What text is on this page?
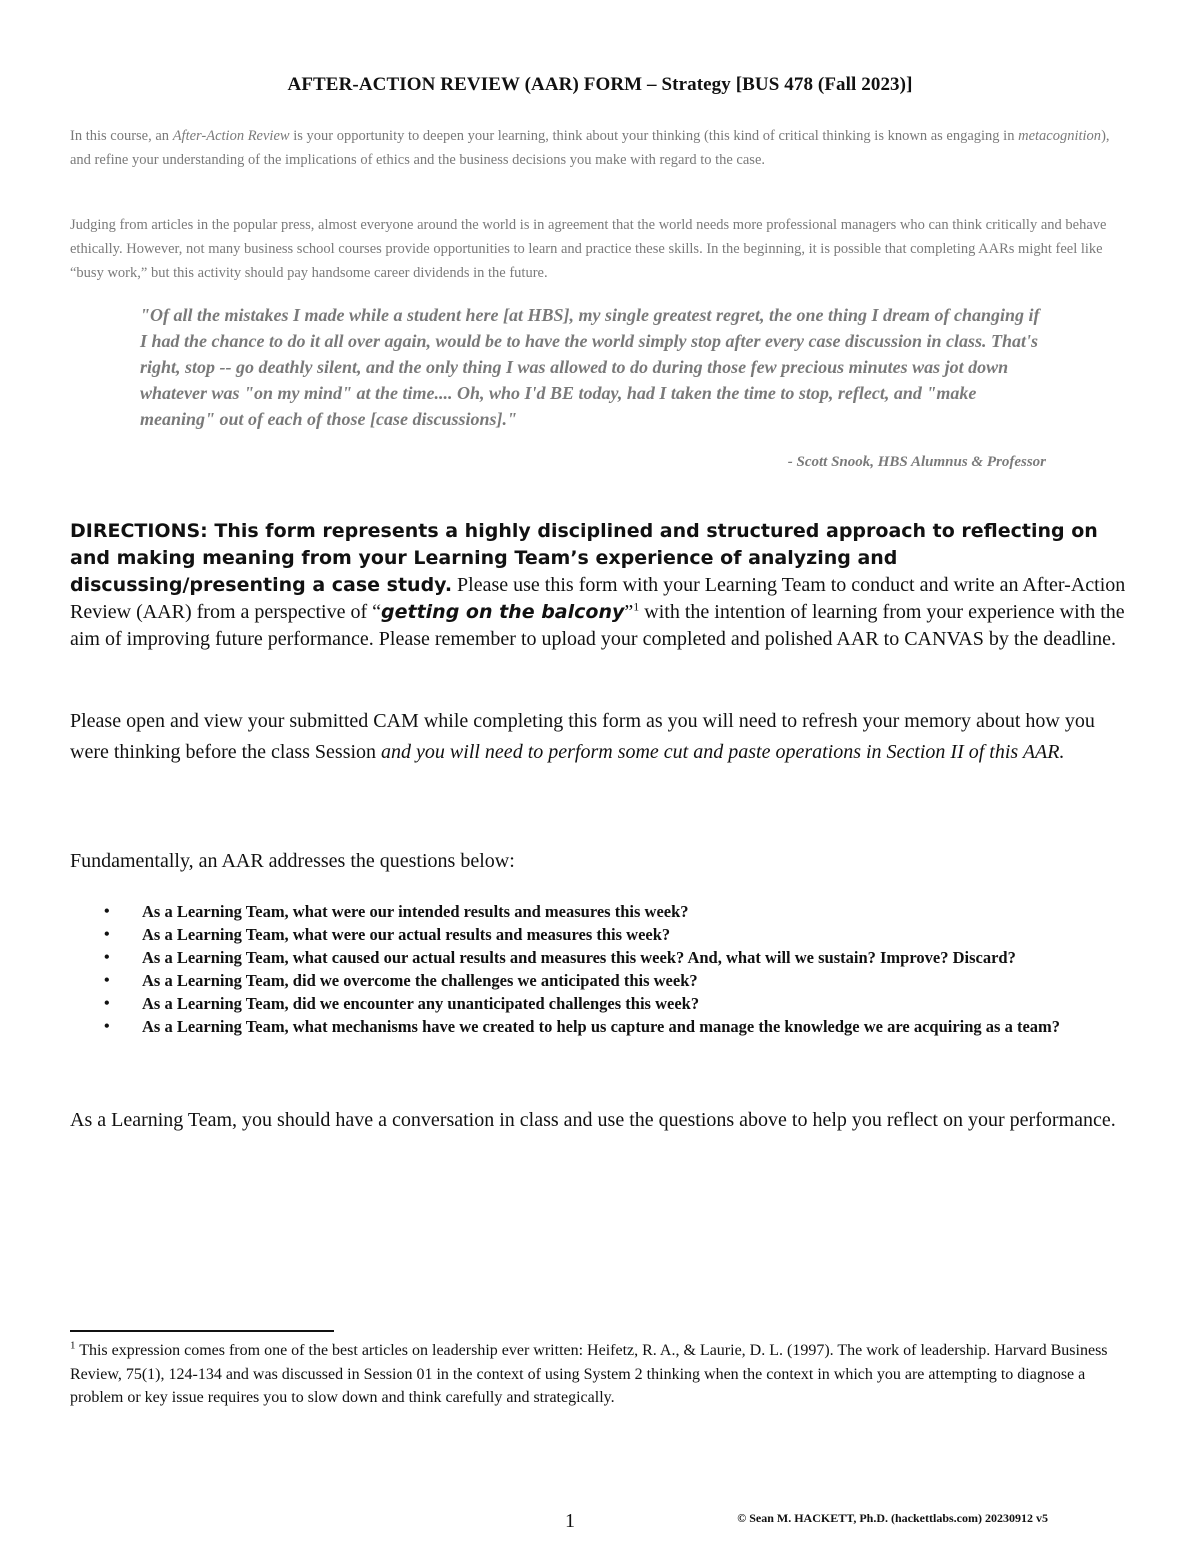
AFTER-ACTION REVIEW (AAR) FORM – Strategy [BUS 478 (Fall 2023)]

In this course, an After-Action Review is your opportunity to deepen your learning, think about your thinking (this kind of critical thinking is known as engaging in metacognition), and refine your understanding of the implications of ethics and the business decisions you make with regard to the case.

Judging from articles in the popular press, almost everyone around the world is in agreement that the world needs more professional managers who can think critically and behave ethically. However, not many business school courses provide opportunities to learn and practice these skills. In the beginning, it is possible that completing AARs might feel like “busy work,” but this activity should pay handsome career dividends in the future.

"Of all the mistakes I made while a student here [at HBS], my single greatest regret, the one thing I dream of changing if I had the chance to do it all over again, would be to have the world simply stop after every case discussion in class. That's right, stop -- go deathly silent, and the only thing I was allowed to do during those few precious minutes was jot down whatever was "on my mind" at the time.... Oh, who I'd BE today, had I taken the time to stop, reflect, and "make meaning" out of each of those [case discussions]."
- Scott Snook, HBS Alumnus & Professor
DIRECTIONS: This form represents a highly disciplined and structured approach to reflecting on and making meaning from your Learning Team’s experience of analyzing and discussing/presenting a case study. Please use this form with your Learning Team to conduct and write an After-Action Review (AAR) from a perspective of “getting on the balcony”$^1$ with the intention of learning from your experience with the aim of improving future performance. Please remember to upload your completed and polished AAR to CANVAS by the deadline.

Please open and view your submitted CAM while completing this form as you will need to refresh your memory about how you were thinking before the class Session and you will need to perform some cut and paste operations in Section II of this AAR.

Fundamentally, an AAR addresses the questions below:
• As a Learning Team, what were our intended results and measures this week?
• As a Learning Team, what were our actual results and measures this week?
• As a Learning Team, what caused our actual results and measures this week? And, what will we sustain? Improve? Discard?
• As a Learning Team, did we overcome the challenges we anticipated this week?
• As a Learning Team, did we encounter any unanticipated challenges this week?
• As a Learning Team, what mechanisms have we created to help us capture and manage the knowledge we are acquiring as a team?
As a Learning Team, you should have a conversation in class and use the questions above to help you reflect on your performance.
$^1$ This expression comes from one of the best articles on leadership ever written: Heifetz, R. A., & Laurie, D. L. (1997). The work of leadership. Harvard Business Review, 75(1), 124-134 and was discussed in Session 01 in the context of using System 2 thinking when the context in which you are attempting to diagnose a problem or key issue requires you to slow down and think carefully and strategically.
1	© Sean M. HACKETT, Ph.D. (hackettlabs.com) 20230912 v5
